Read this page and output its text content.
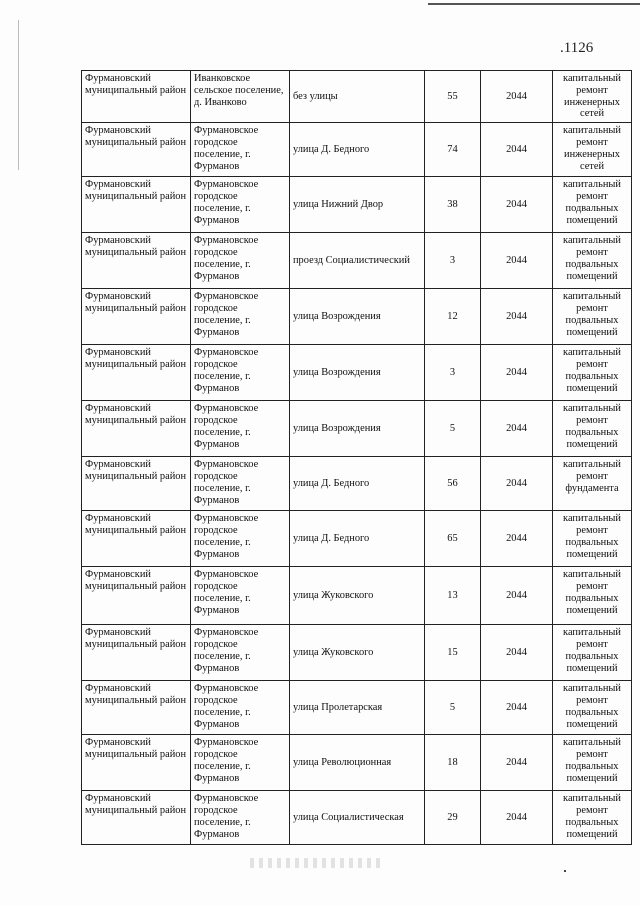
.1126
Фурмановский муниципальный район	Иванковское сельское поселение, д. Иванково	без улицы	55	2044	капитальный ремонт инженерных сетей
Фурмановский муниципальный район	Фурмановское городское поселение, г. Фурманов	улица Д. Бедного	74	2044	капитальный ремонт инженерных сетей
Фурмановский муниципальный район	Фурмановское городское поселение, г. Фурманов	улица Нижний Двор	38	2044	капитальный ремонт подвальных помещений
Фурмановский муниципальный район	Фурмановское городское поселение, г. Фурманов	проезд Социалистический	3	2044	капитальный ремонт подвальных помещений
Фурмановский муниципальный район	Фурмановское городское поселение, г. Фурманов	улица Возрождения	12	2044	капитальный ремонт подвальных помещений
Фурмановский муниципальный район	Фурмановское городское поселение, г. Фурманов	улица Возрождения	3	2044	капитальный ремонт подвальных помещений
Фурмановский муниципальный район	Фурмановское городское поселение, г. Фурманов	улица Возрождения	5	2044	капитальный ремонт подвальных помещений
Фурмановский муниципальный район	Фурмановское городское поселение, г. Фурманов	улица Д. Бедного	56	2044	капитальный ремонт фундамента
Фурмановский муниципальный район	Фурмановское городское поселение, г. Фурманов	улица Д. Бедного	65	2044	капитальный ремонт подвальных помещений
Фурмановский муниципальный район	Фурмановское городское поселение, г. Фурманов	улица Жуковского	13	2044	капитальный ремонт подвальных помещений
Фурмановский муниципальный район	Фурмановское городское поселение, г. Фурманов	улица Жуковского	15	2044	капитальный ремонт подвальных помещений
Фурмановский муниципальный район	Фурмановское городское поселение, г. Фурманов	улица Пролетарская	5	2044	капитальный ремонт подвальных помещений
Фурмановский муниципальный район	Фурмановское городское поселение, г. Фурманов	улица Революционная	18	2044	капитальный ремонт подвальных помещений
Фурмановский муниципальный район	Фурмановское городское поселение, г. Фурманов	улица Социалистическая	29	2044	капитальный ремонт подвальных помещений
